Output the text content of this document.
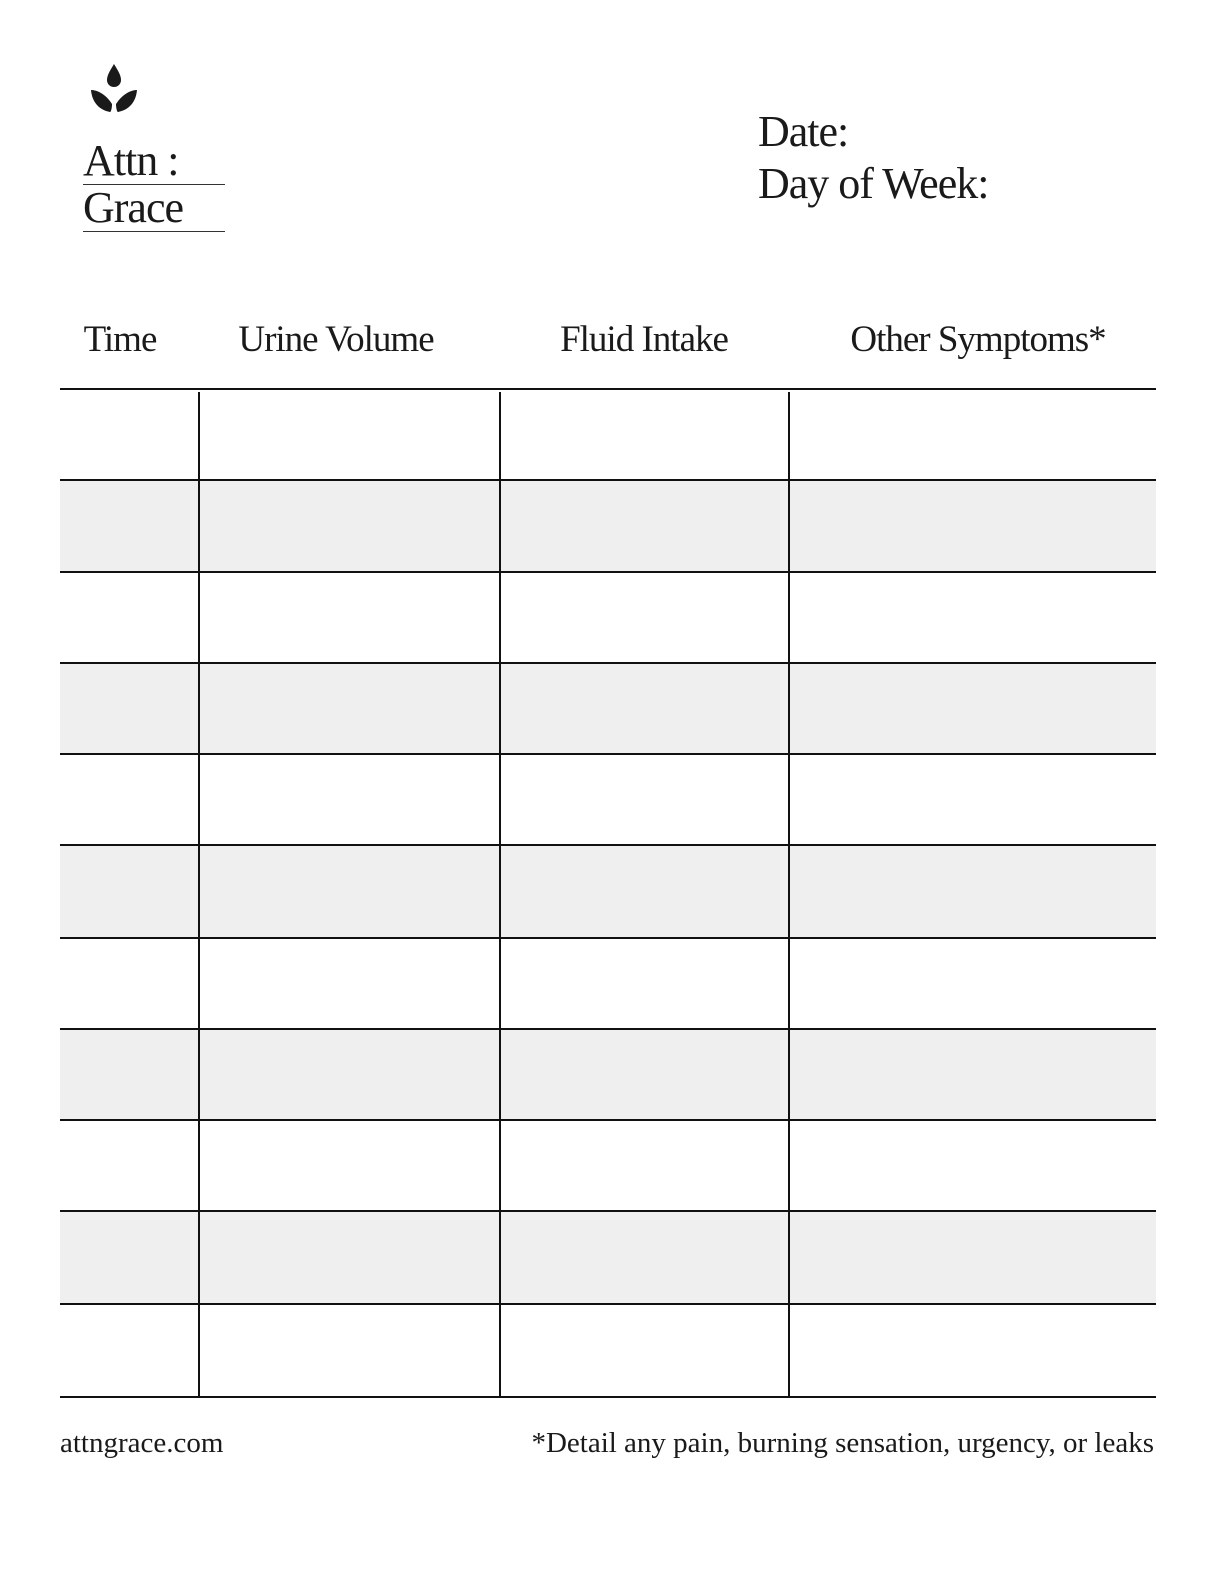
Attn :
Grace
Date:
Day of Week:
Time	Urine Volume	Fluid Intake	Other Symptoms*
attngrace.com	*Detail any pain, burning sensation, urgency, or leaks
